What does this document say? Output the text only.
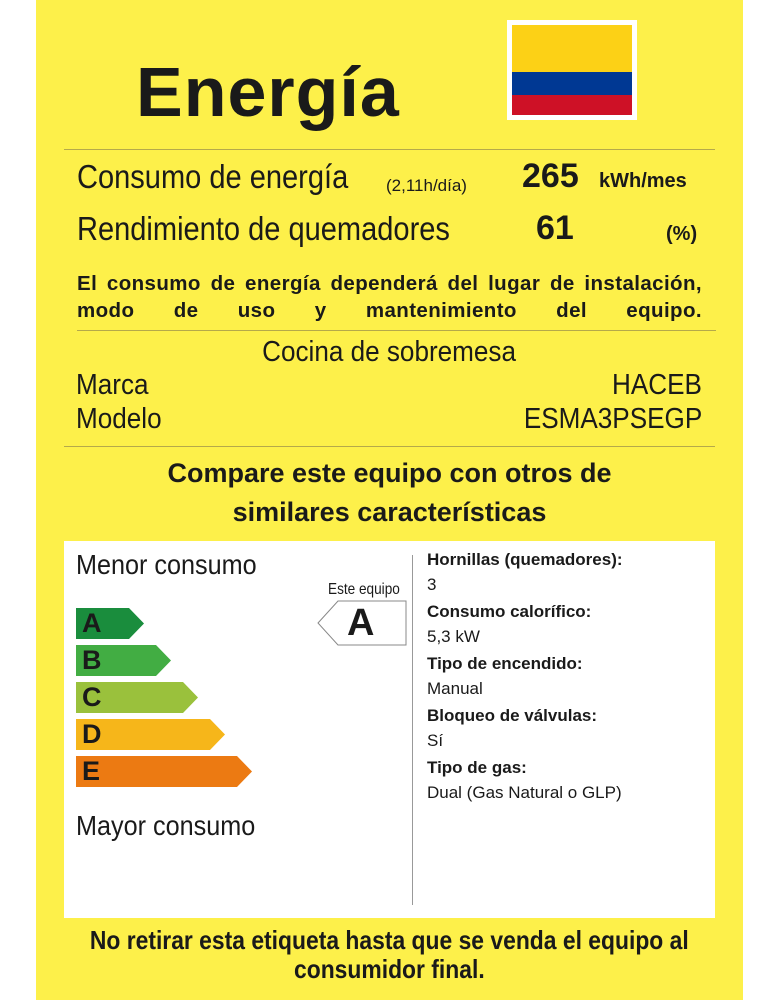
Energía
Consumo de energía (2,11h/día) 265 kWh/mes
Rendimiento de quemadores	61	(%)
El consumo de energía dependerá del lugar de instalación, modo de uso y mantenimiento del equipo.
Cocina de sobremesa
Marca	HACEB
Modelo	ESMA3PSEGP
Compare este equipo con otros de
similares características
Menor consumo
A
B
C
D
E
Este equipo
A
Mayor consumo
Hornillas (quemadores):
3
Consumo calorífico:
5,3 kW
Tipo de encendido:
Manual
Bloqueo de válvulas:
Sí
Tipo de gas:
Dual (Gas Natural o GLP)
No retirar esta etiqueta hasta que se venda el equipo al
consumidor final.
